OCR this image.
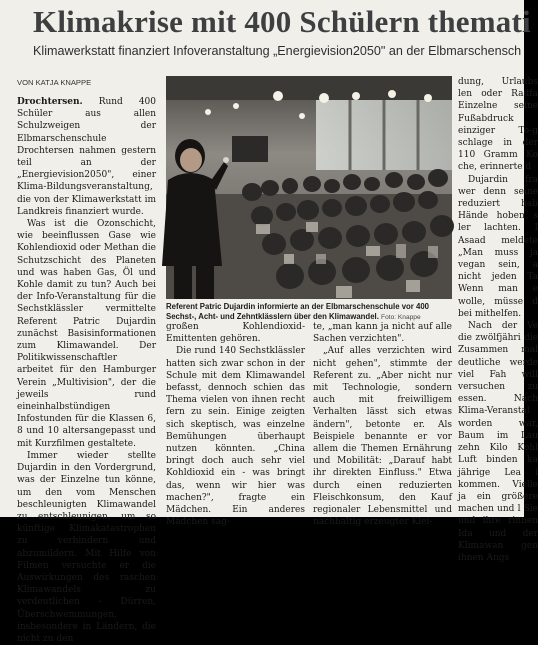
Klimakrise mit 400 Schülern themati
Klimawerkstatt finanziert Infoveranstaltung „Energievision2050" an der Elbmarschensch
VON KATJA KNAPPE

Drochtersen. Rund 400 Schüler aus allen Schulzweigen der Elbmarschenschule Drochtersen nahmen gestern teil an der „Energievision2050", einer Klima-Bildungsveranstaltung, die von der Klimawerkstatt im Landkreis finanziert wurde.

Was ist die Ozonschicht, wie beeinflussen Gase wie Kohlendioxid oder Methan die Schutzschicht des Planeten und was haben Gas, Öl und Kohle damit zu tun? Auch bei der Info-Veranstaltung für die Sechstklässler vermittelte Referent Patric Dujardin zunächst Basisinformationen zum Klimawandel. Der Politikwissenschaftler arbeitet für den Hamburger Verein „Multivision", der die jeweils rund eineinhalbstündigen Infostunden für die Klassen 6, 8 und 10 altersangepasst und mit Kurzfilmen gestaltete.

Immer wieder stellte Dujardin in den Vordergrund, was der Einzelne tun könne, um den vom Menschen beschleunigten Klimawandel zu entschleunigen, um so künftige Klimakatastrophen zu verhindern und abzumildern. Mit Hilfe von Filmen versuchte er die Auswirkungen des raschen Klimawandels zu verdeutlichen - Dürren, Überschwemmungen, insbesondere in Ländern, die nicht zu den

Referent Patric Dujardin informierte an der Elbmarschenschule vor 400 Sechst-, Acht- und Zehntklässlern über den Klimawandel. Foto: Knappe

großen Kohlendioxid-Emittenten gehören.

Die rund 140 Sechstklässler hatten sich zwar schon in der Schule mit dem Klimawandel befasst, dennoch schien das Thema vielen von ihnen recht fern zu sein. Einige zeigten sich skeptisch, was einzelne Bemühungen überhaupt nutzen könnten. „China bringt doch auch sehr viel Kohldioxid ein - was bringt das, wenn wir hier was machen?", fragte ein Mädchen. Ein anderes Mädchen sag-

te, „man kann ja nicht auf alle Sachen verzichten".

„Auf alles verzichten wird nicht gehen", stimmte der Referent zu. „Aber nicht nur mit Technologie, sondern auch mit freiwilligem Verhalten lässt sich etwas ändern", betonte er. Als Beispiele benannte er vor allem die Themen Ernährung und Mobilität: „Darauf habt ihr direkten Einfluss." Etwa durch einen reduzierten Fleischkonsum, den Kauf regionaler Lebensmittel und nachhaltig erzeugter Klei-

dung, Urlaubs len oder Radfa Einzelne seine Fußabdruck einziger To-g schlage in der 110 Gramm Ko che, erinnerte d

Dujardin fra wer denn seine reduziert hab Hände hoben s ler lachten. I Asaad meldete „Man muss ja vegan sein, a nicht jeden Ta Wenn man e wolle, müsse d bei mithelfen.

Nach der Ve die zwölfjähri die Zusammen mal deutliche werde viel Fah will versuchen zu essen. Nach Klima-Veranstal worden war, Baum im Lau zehn Kilo Kohl Luft binden ka jährige Lea i kommen. Vielle ja ein größere machen und l Sie und ihre rinnen Ida und der Klimawan gen ihnen Angs
